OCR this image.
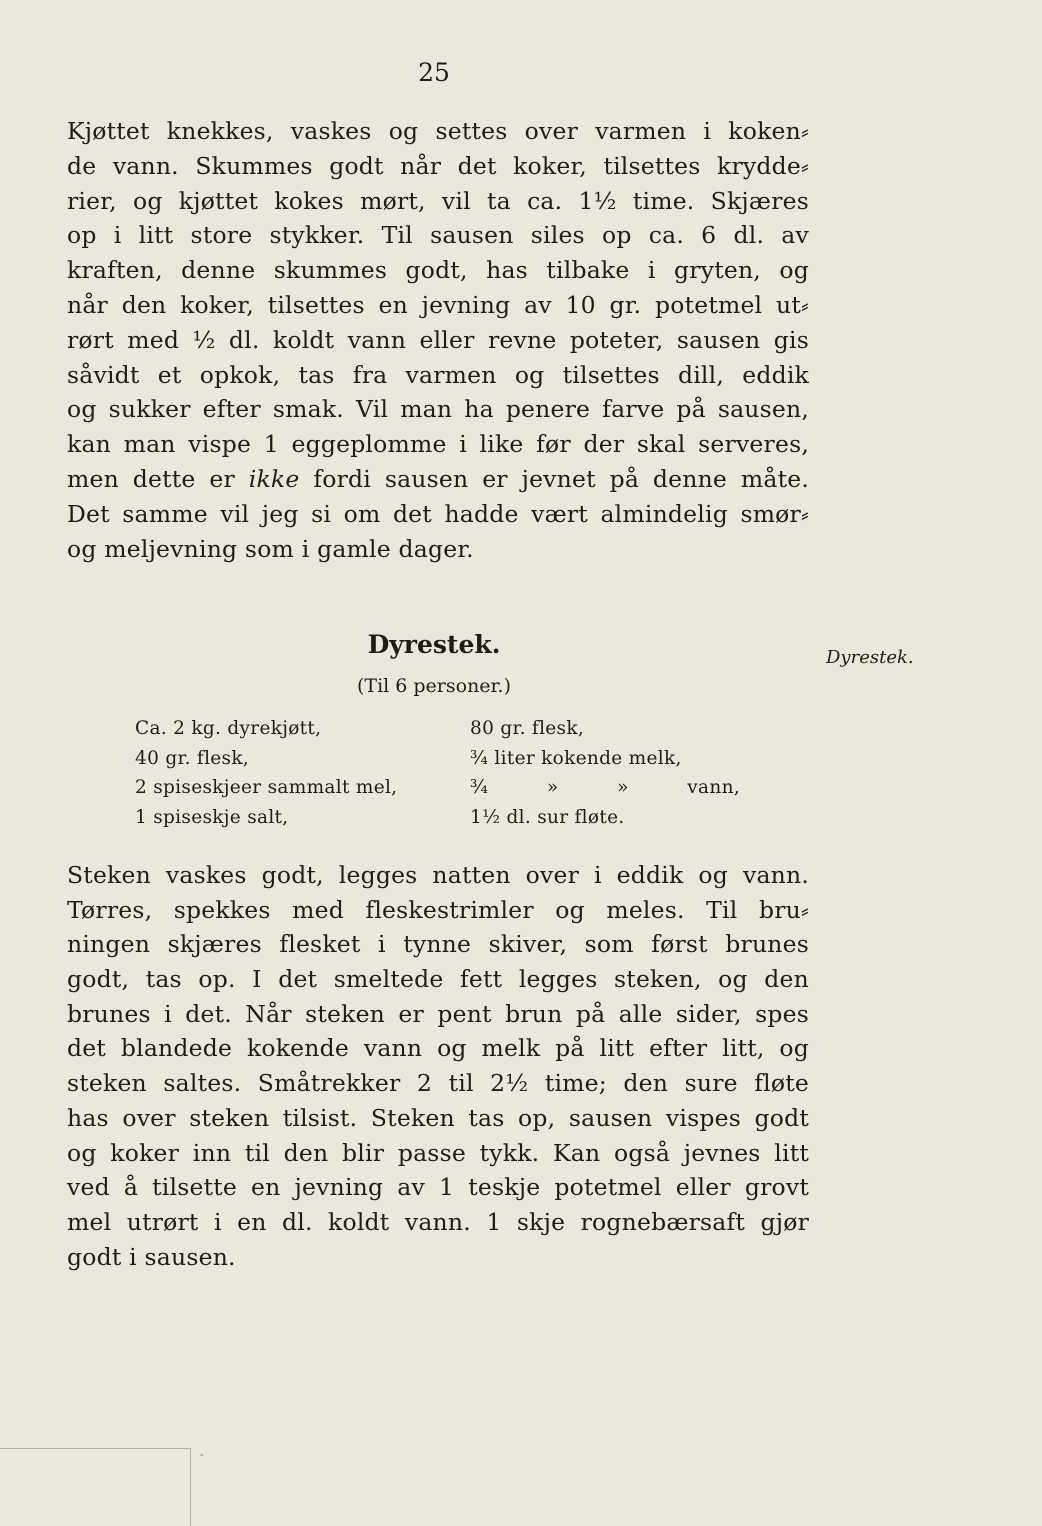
25
Kjøttet knekkes, vaskes og settes over varmen i koken⸗
de vann. Skummes godt når det koker, tilsettes krydde⸗
rier, og kjøttet kokes mørt, vil ta ca. 1½ time. Skjæres
op i litt store stykker. Til sausen siles op ca. 6 dl. av
kraften, denne skummes godt, has tilbake i gryten, og
når den koker, tilsettes en jevning av 10 gr. potetmel ut⸗
rørt med ½ dl. koldt vann eller revne poteter, sausen gis
såvidt et opkok, tas fra varmen og tilsettes dill, eddik
og sukker efter smak. Vil man ha penere farve på sausen,
kan man vispe 1 eggeplomme i like før der skal serveres,
men dette er ikke fordi sausen er jevnet på denne måte.
Det samme vil jeg si om det hadde vært almindelig smør⸗
og meljevning som i gamle dager.
Dyrestek.	Dyrestek.
(Til 6 personer.)
Ca. 2 kg. dyrekjøtt,
40 gr. flesk,
2 spiseskjeer sammalt mel,
1 spiseskje salt,
80 gr. flesk,
¾ liter kokende melk,
¾ » » vann,
1½ dl. sur fløte.
Steken vaskes godt, legges natten over i eddik og vann.
Tørres, spekkes med fleskestrimler og meles. Til bru⸗
ningen skjæres flesket i tynne skiver, som først brunes
godt, tas op. I det smeltede fett legges steken, og den
brunes i det. Når steken er pent brun på alle sider, spes
det blandede kokende vann og melk på litt efter litt, og
steken saltes. Småtrekker 2 til 2½ time; den sure fløte
has over steken tilsist. Steken tas op, sausen vispes godt
og koker inn til den blir passe tykk. Kan også jevnes litt
ved å tilsette en jevning av 1 teskje potetmel eller grovt
mel utrørt i en dl. koldt vann. 1 skje rognebærsaft gjør
godt i sausen.
˗
